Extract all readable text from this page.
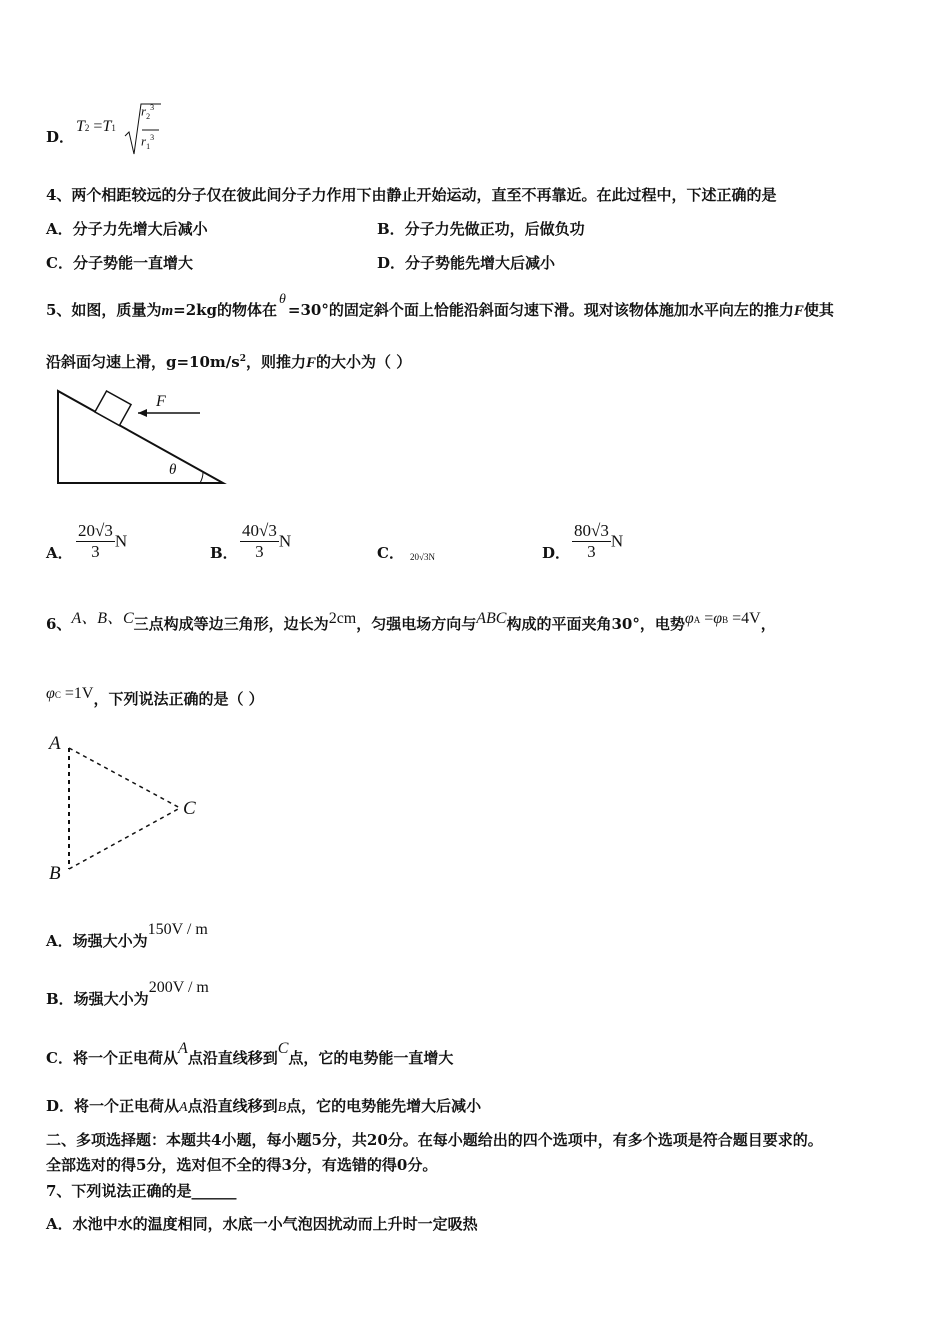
D．
T2 =T1
$r_2^3$
$r_1^3$
4、两个相距较远的分子仅在彼此间分子力作用下由静止开始运动，直至不再靠近。在此过程中，下述正确的是
A．分子力先增大后减小	B．分子力先做正功，后做负功
C．分子势能一直增大	D．分子势能先增大后减小
5、如图，质量为m=2kg的物体在θ=30°的固定斜个面上恰能沿斜面匀速下滑。现对该物体施加水平向左的推力F使其
沿斜面匀速上滑，$g=10m/s^2$，则推力F的大小为（ ）
F
θ
A． $\frac{20√3}{3}$ N
B． $\frac{40√3}{3}$ N
C． 20√3N	D． $\frac{80√3}{3}$ N
6、A、B、C三点构成等边三角形，边长为2cm，匀强电场方向与ABC构成的平面夹角30°，电势φA =φB =4V，
φC =1V，下列说法正确的是（ ）
A
B
C
A．场强大小为150V / m
B．场强大小为200V / m
C．将一个正电荷从A点沿直线移到C点，它的电势能一直增大
D．将一个正电荷从A点沿直线移到B点，它的电势能先增大后减小
二、多项选择题：本题共4小题，每小题5分，共20分。在每小题给出的四个选项中，有多个选项是符合题目要求的。
全部选对的得5分，选对但不全的得3分，有选错的得0分。
7、下列说法正确的是______
A．水池中水的温度相同，水底一小气泡因扰动而上升时一定吸热
